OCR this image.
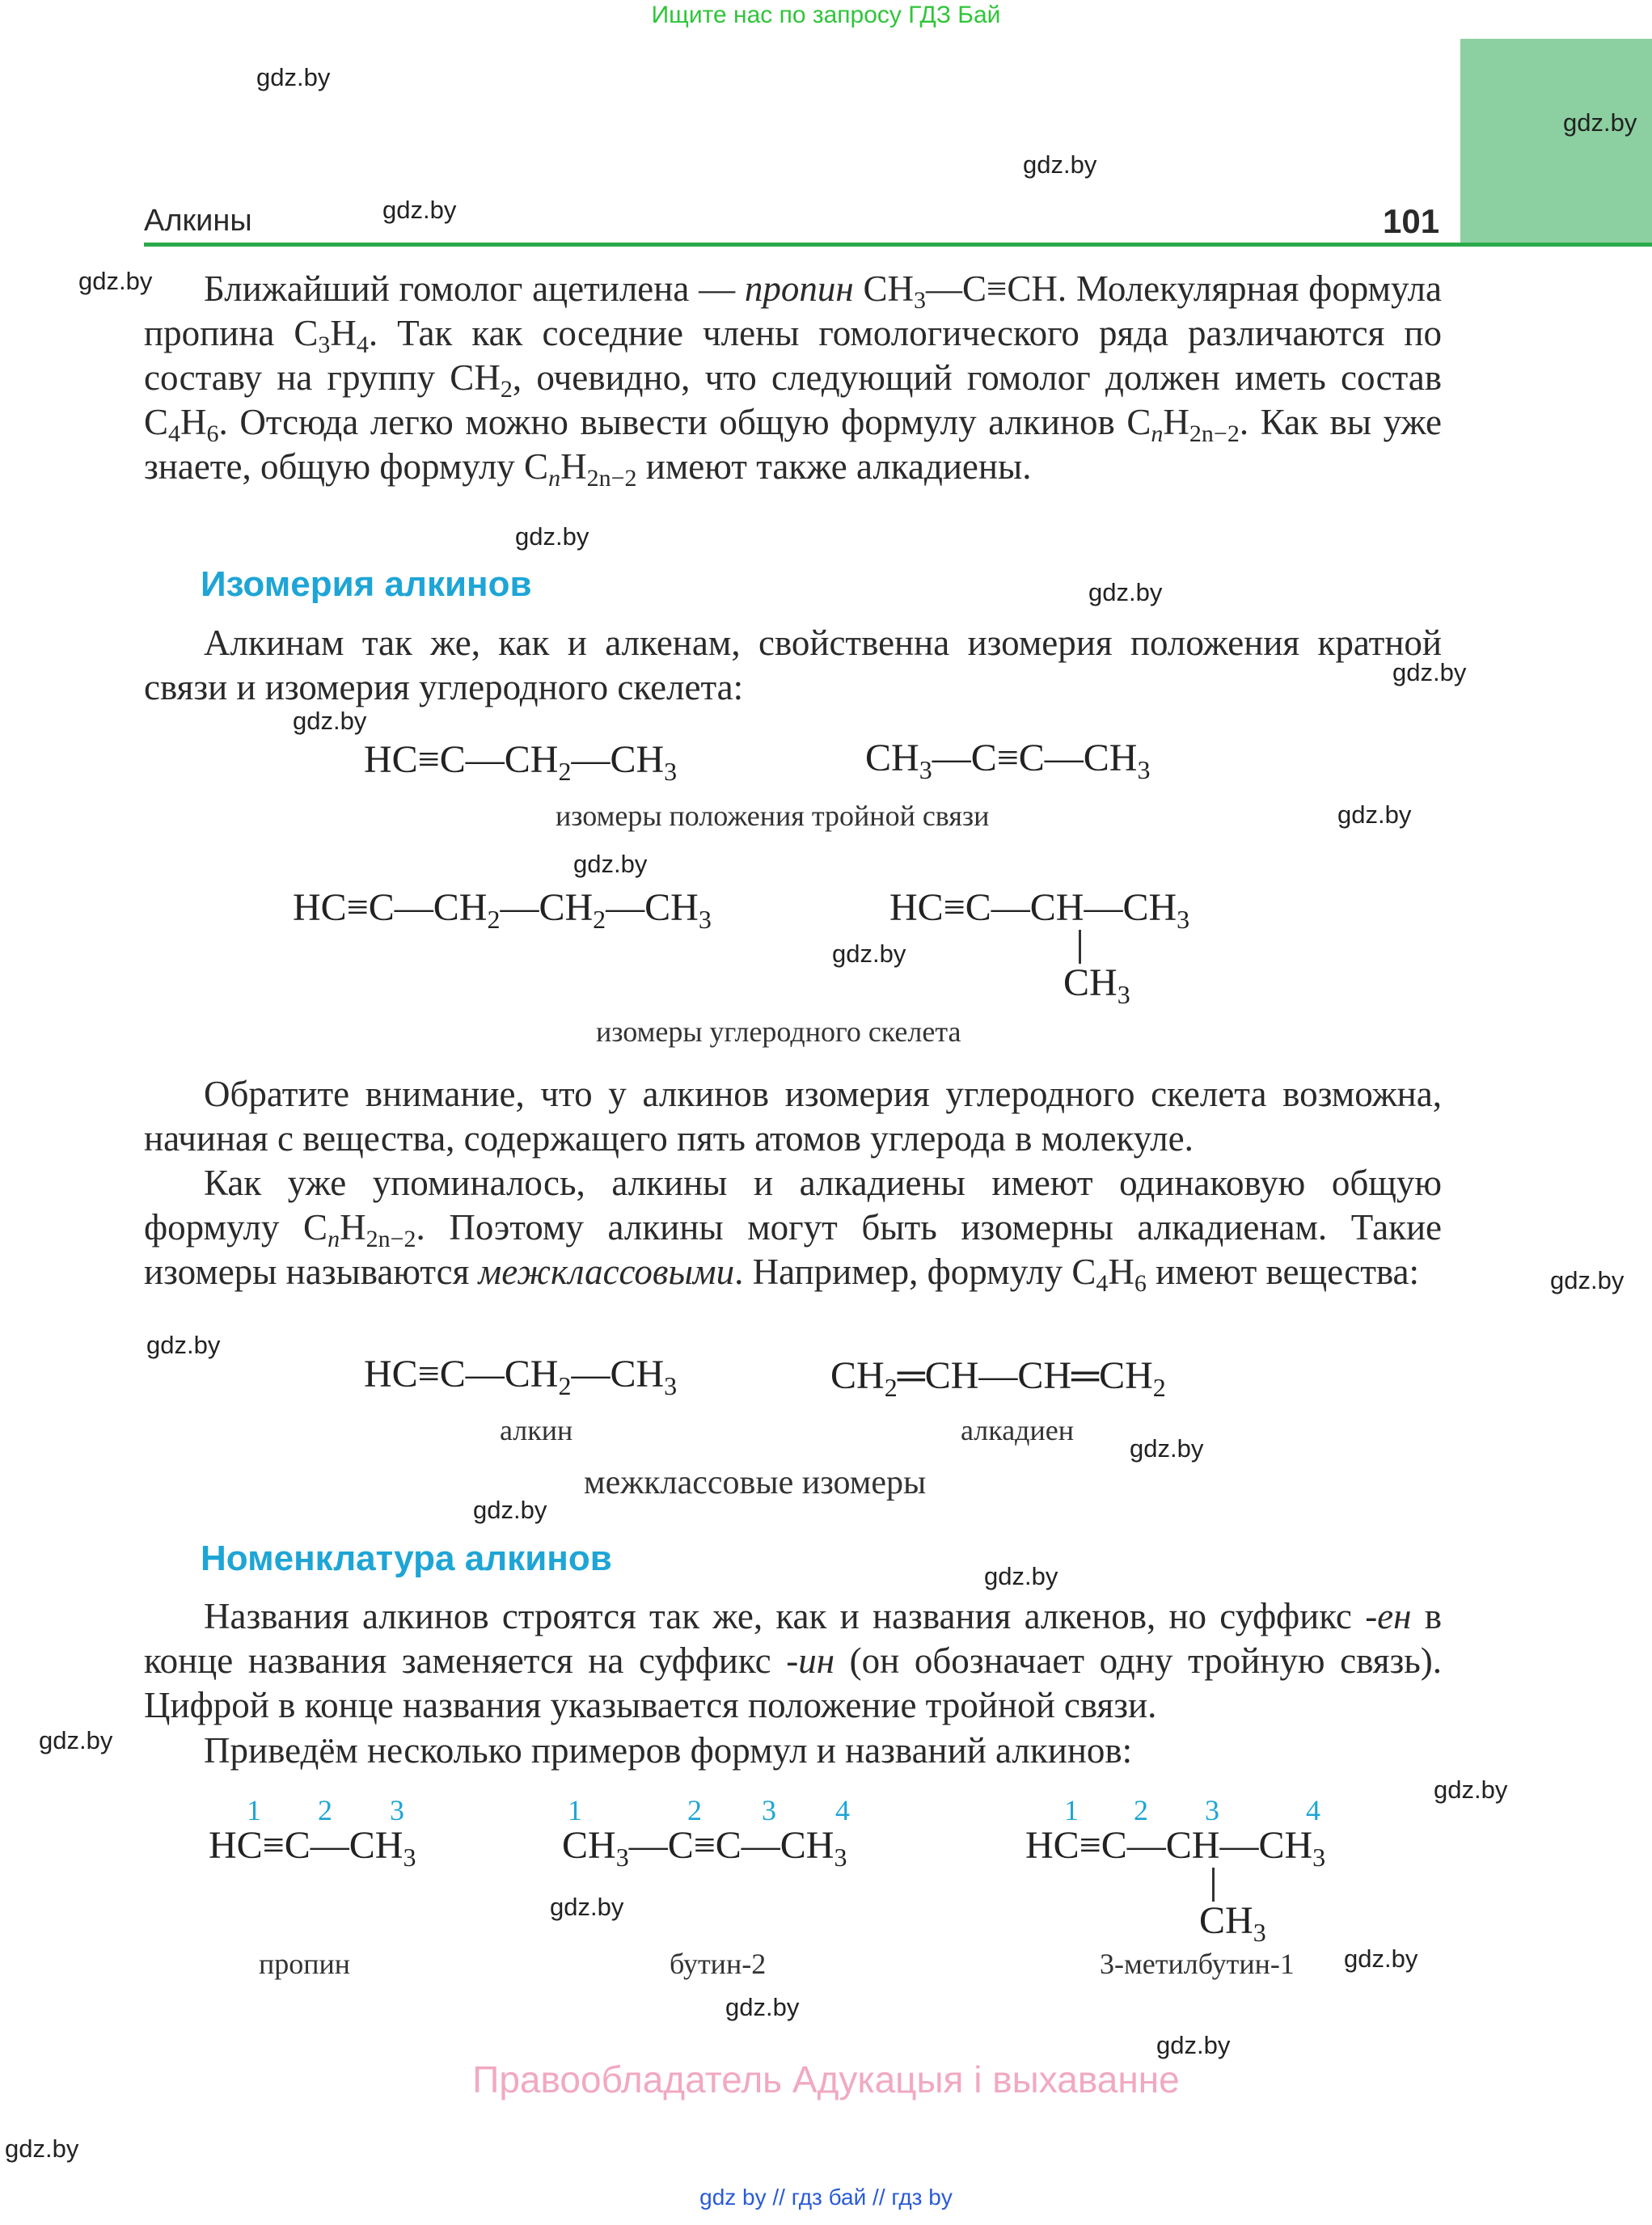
Ищите нас по запросу ГДЗ Бай
Алкины	101

Ближайший гомолог ацетилена — пропин $CH_3—C\equiv CH$. Молекулярная формула пропина $C_3H_4$. Так как соседние члены гомологического ряда различаются по составу на группу $CH_2$, очевидно, что следующий гомолог должен иметь состав $C_4H_6$. Отсюда легко можно вывести общую формулу алкинов $C_nH_{2n-2}$. Как вы уже знаете, общую формулу $C_nH_{2n-2}$ имеют также алкадиены.

Изомерия алкинов

Алкинам так же, как и алкенам, свойственна изомерия положения кратной связи и изомерия углеродного скелета:

$HC\equiv C—CH_2—CH_3$	$CH_3—C\equiv C—CH_3$
изомеры положения тройной связи
$HC\equiv C—CH_2—CH_2—CH_3$	$HC\equiv C—CH—CH_3$
$CH_3$
изомеры углеродного скелета

Обратите внимание, что у алкинов изомерия углеродного скелета возможна, начиная с вещества, содержащего пять атомов углерода в молекуле.

Как уже упоминалось, алкины и алкадиены имеют одинаковую общую формулу $C_nH_{2n-2}$. Поэтому алкины могут быть изомерны алкадиенам. Такие изомеры называются межклассовыми. Например, формулу $C_4H_6$ имеют вещества:

$HC\equiv C—CH_2—CH_3$	$CH_2═CH—CH═CH_2$
алкин	алкадиен
межклассовые изомеры
Номенклатура алкинов

Названия алкинов строятся так же, как и названия алкенов, но суффикс -ен в конце названия заменяется на суффикс -ин (он обозначает одну тройную связь). Цифрой в конце названия указывается положение тройной связи.

Приведём несколько примеров формул и названий алкинов:

1 2 3
$HC\equiv C—CH_3$
пропин
1	2 3 4
$CH_3—C\equiv C—CH_3$
бутин-2
1 2 3	4
$HC\equiv C—CH—CH_3$
$CH_3$
3-метилбутин-1
Правообладатель Адукацыя і выхаванне
gdz by // гдз бай // гдз by
gdz.by
gdz.by
gdz.by
gdz.by
gdz.by
gdz.by
gdz.by
gdz.by
gdz.by
gdz.by
gdz.by
gdz.by
gdz.by
gdz.by
gdz.by
gdz.by
gdz.by
gdz.by
gdz.by
gdz.by
gdz.by
gdz.by
gdz.by
gdz.by
